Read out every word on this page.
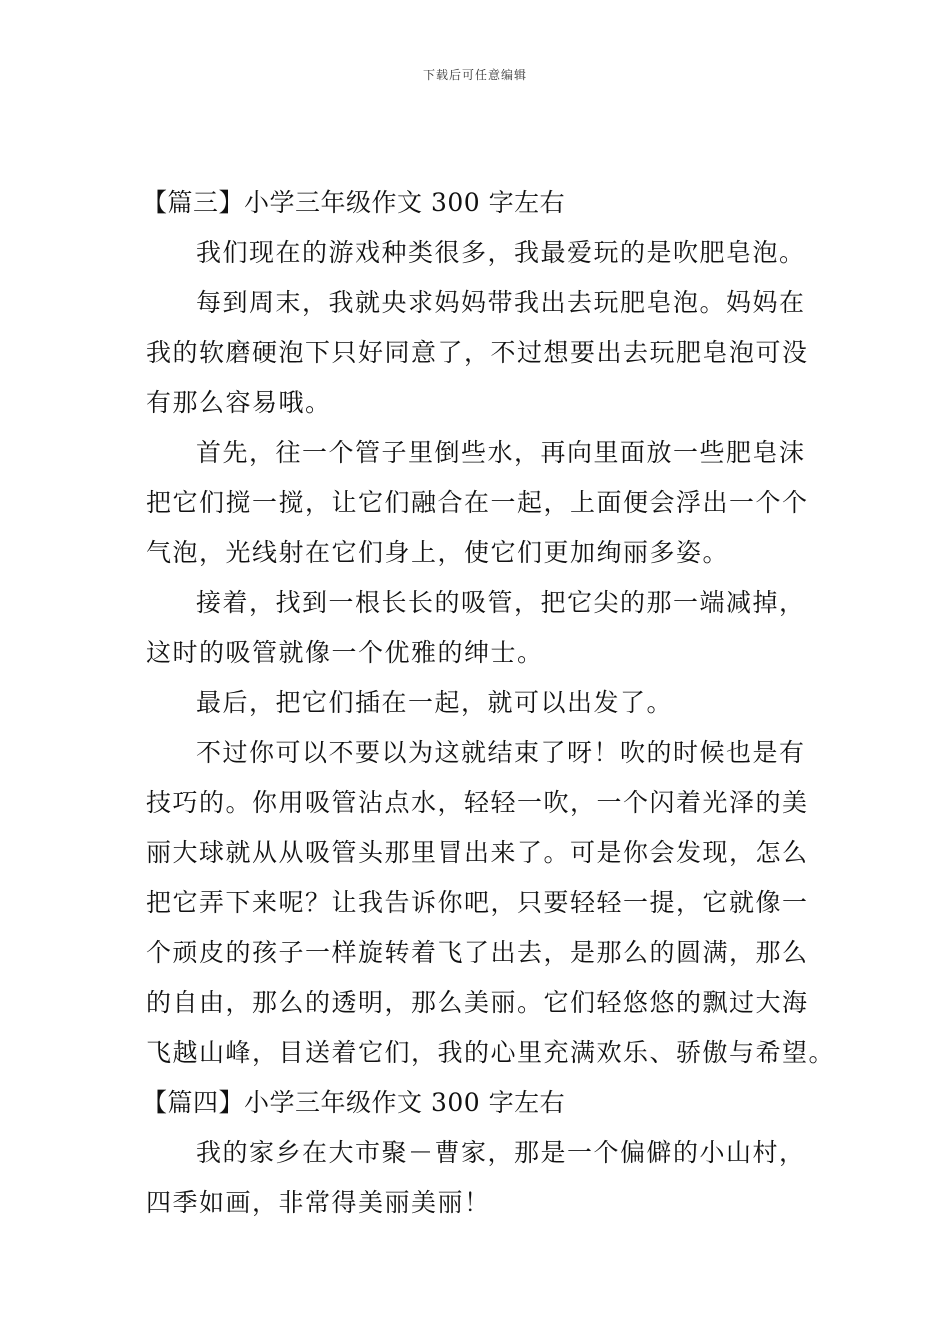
下载后可任意编辑
【篇三】小学三年级作文 300 字左右
我们现在的游戏种类很多，我最爱玩的是吹肥皂泡。
每到周末，我就央求妈妈带我出去玩肥皂泡。妈妈在
我的软磨硬泡下只好同意了，不过想要出去玩肥皂泡可没
有那么容易哦。
首先，往一个管子里倒些水，再向里面放一些肥皂沫
把它们搅一搅，让它们融合在一起，上面便会浮出一个个
气泡，光线射在它们身上，使它们更加绚丽多姿。
接着，找到一根长长的吸管，把它尖的那一端减掉，
这时的吸管就像一个优雅的绅士。
最后，把它们插在一起，就可以出发了。
不过你可以不要以为这就结束了呀！吹的时候也是有
技巧的。你用吸管沾点水，轻轻一吹，一个闪着光泽的美
丽大球就从从吸管头那里冒出来了。可是你会发现，怎么
把它弄下来呢？让我告诉你吧，只要轻轻一提，它就像一
个顽皮的孩子一样旋转着飞了出去，是那么的圆满，那么
的自由，那么的透明，那么美丽。它们轻悠悠的飘过大海
飞越山峰，目送着它们，我的心里充满欢乐、骄傲与希望。
【篇四】小学三年级作文 300 字左右
我的家乡在大市聚－曹家，那是一个偏僻的小山村，
四季如画，非常得美丽美丽！
